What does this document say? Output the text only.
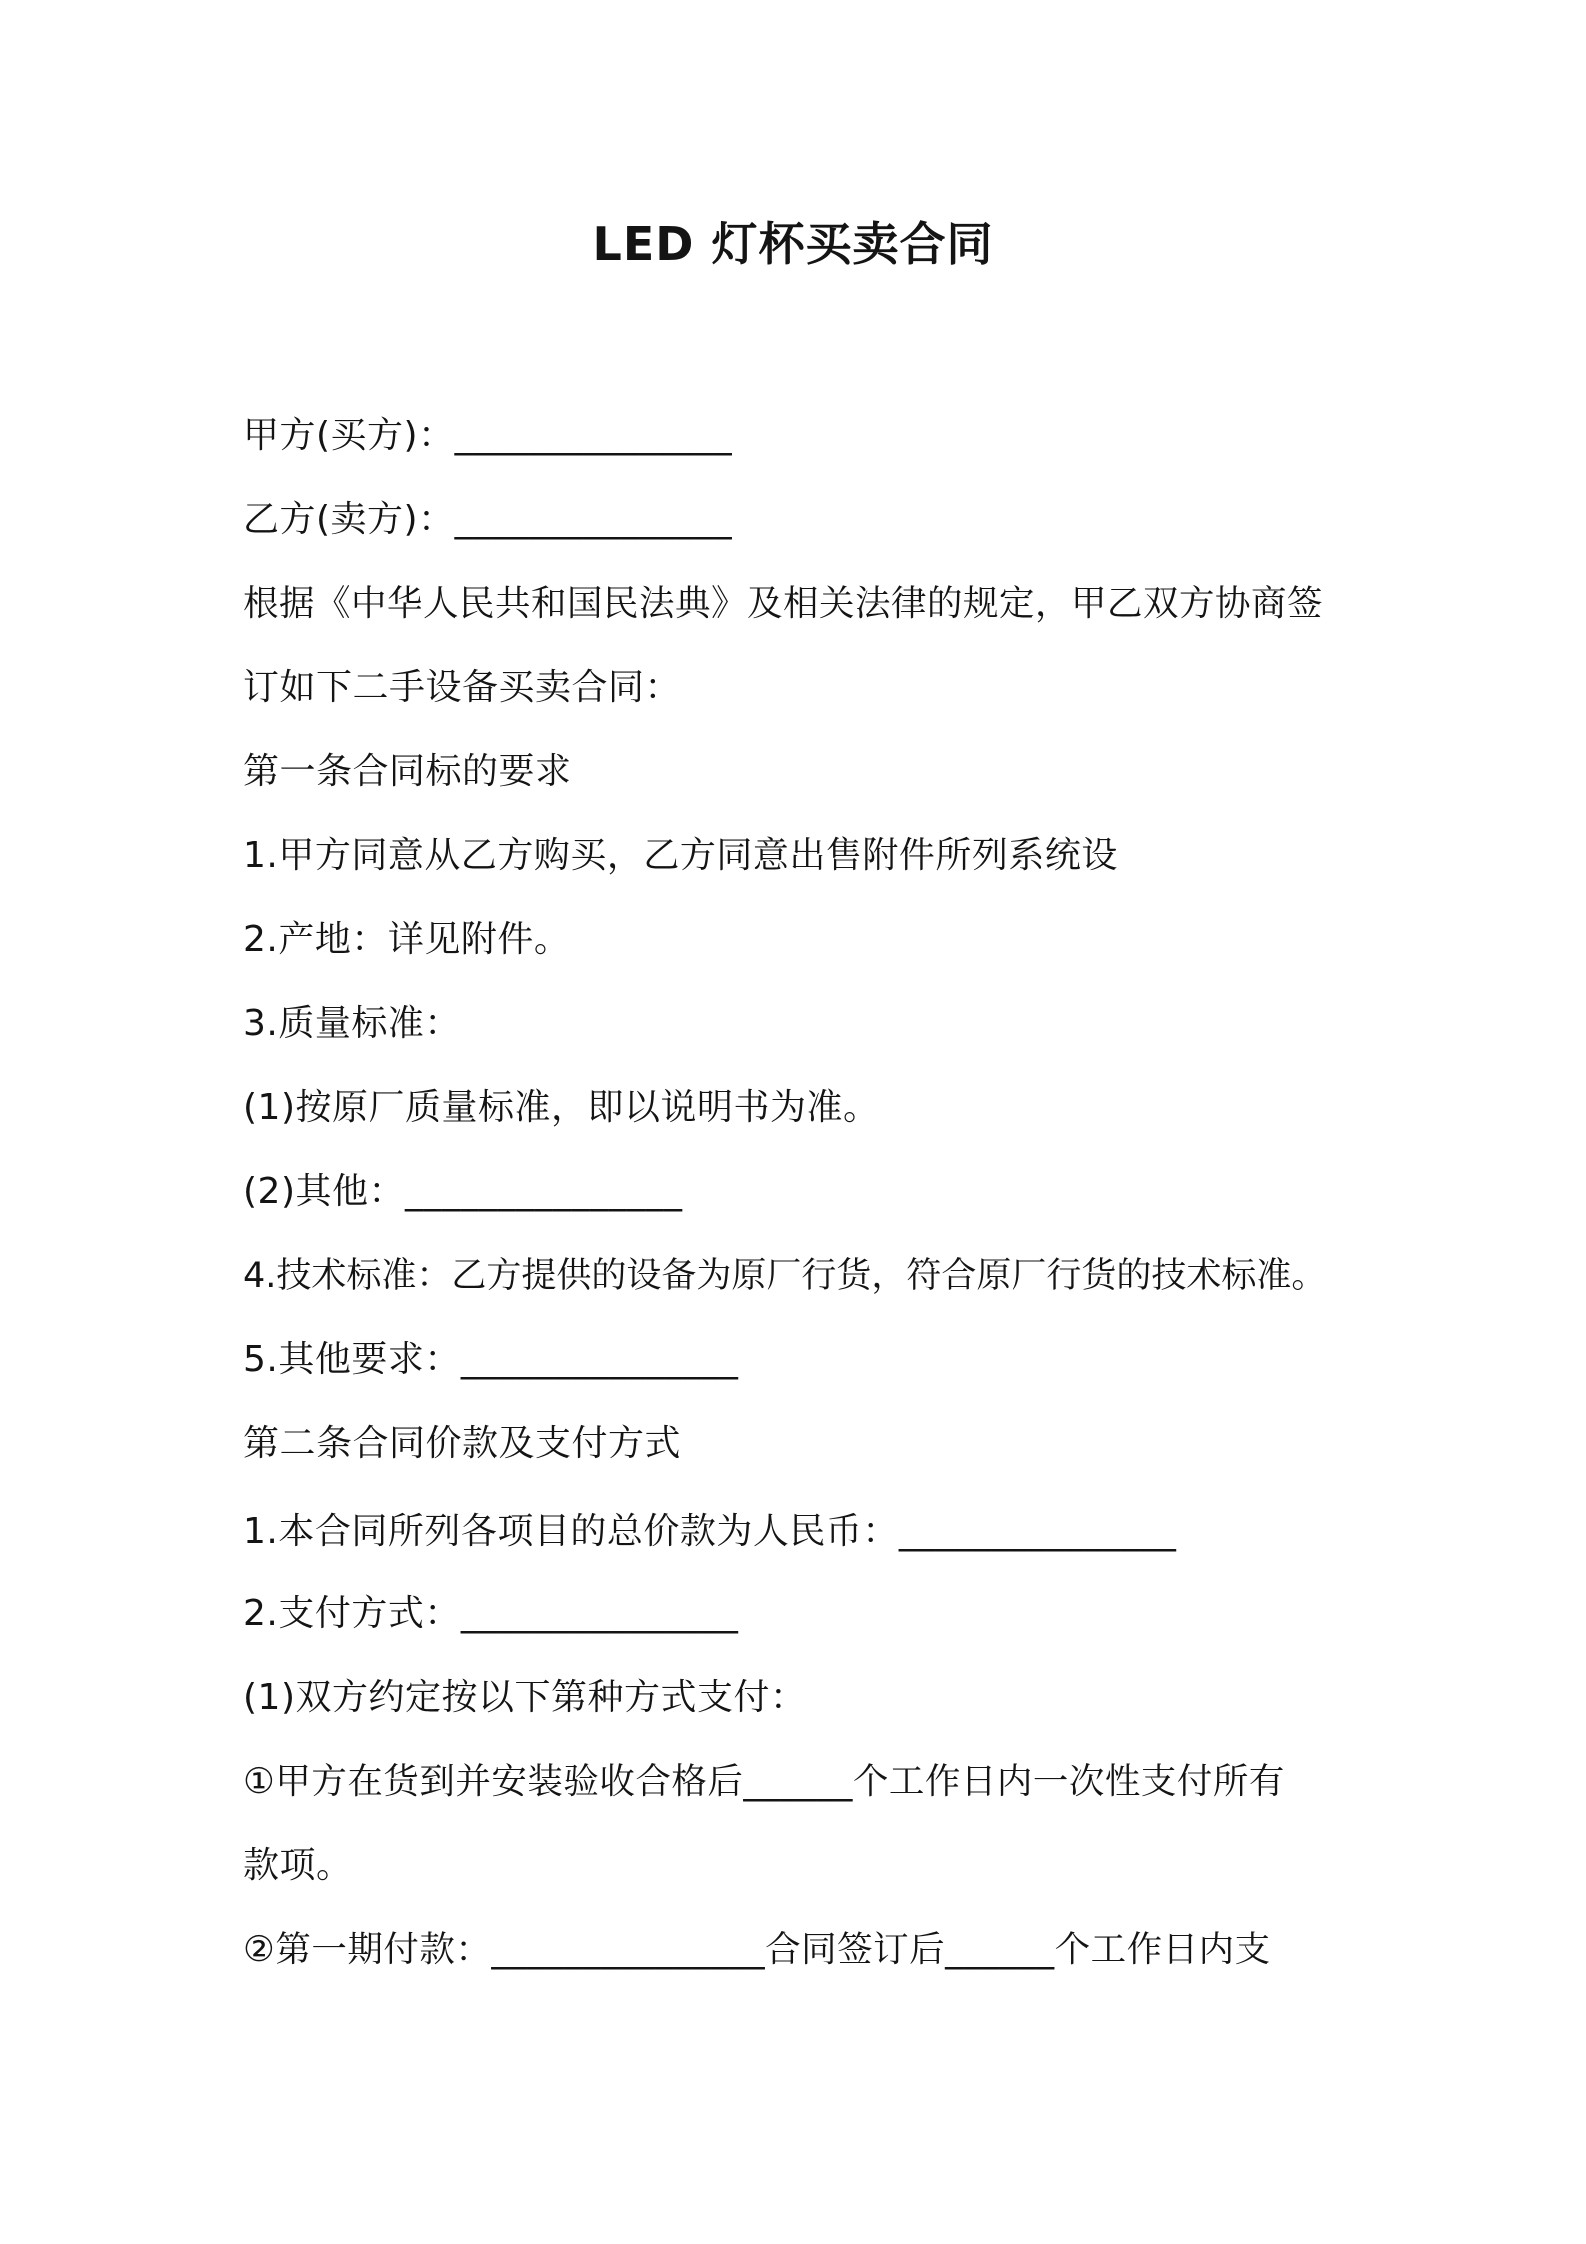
LED 灯杯买卖合同
甲方(买方)：_______________
乙方(卖方)：_______________
根据《中华人民共和国民法典》及相关法律的规定，甲乙双方协商签
订如下二手设备买卖合同：
第一条合同标的要求
1.甲方同意从乙方购买，乙方同意出售附件所列系统设
2.产地：详见附件。
3.质量标准：
(1)按原厂质量标准，即以说明书为准。
(2)其他：_______________
4.技术标准：乙方提供的设备为原厂行货，符合原厂行货的技术标准。
5.其他要求：_______________
第二条合同价款及支付方式
1.本合同所列各项目的总价款为人民币：_______________
2.支付方式：_______________
(1)双方约定按以下第种方式支付：
①甲方在货到并安装验收合格后______个工作日内一次性支付所有
款项。
②第一期付款：_______________合同签订后______个工作日内支
